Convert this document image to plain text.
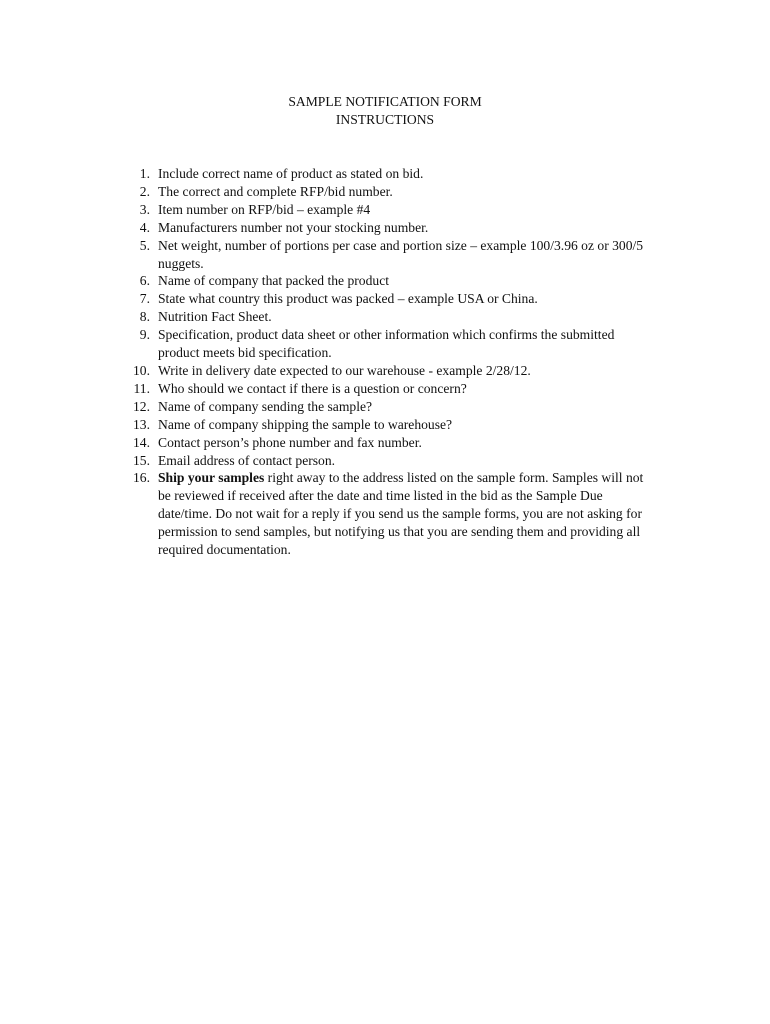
SAMPLE NOTIFICATION FORM
INSTRUCTIONS
1. Include correct name of product as stated on bid.
2. The correct and complete RFP/bid number.
3. Item number on RFP/bid – example #4
4. Manufacturers number not your stocking number.
5. Net weight, number of portions per case and portion size – example 100/3.96 oz or 300/5 nuggets.
6. Name of company that packed the product
7. State what country this product was packed – example USA or China.
8. Nutrition Fact Sheet.
9. Specification, product data sheet or other information which confirms the submitted product meets bid specification.
10. Write in delivery date expected to our warehouse - example 2/28/12.
11. Who should we contact if there is a question or concern?
12. Name of company sending the sample?
13. Name of company shipping the sample to warehouse?
14. Contact person’s phone number and fax number.
15. Email address of contact person.
16. Ship your samples right away to the address listed on the sample form. Samples will not be reviewed if received after the date and time listed in the bid as the Sample Due date/time. Do not wait for a reply if you send us the sample forms, you are not asking for permission to send samples, but notifying us that you are sending them and providing all required documentation.
